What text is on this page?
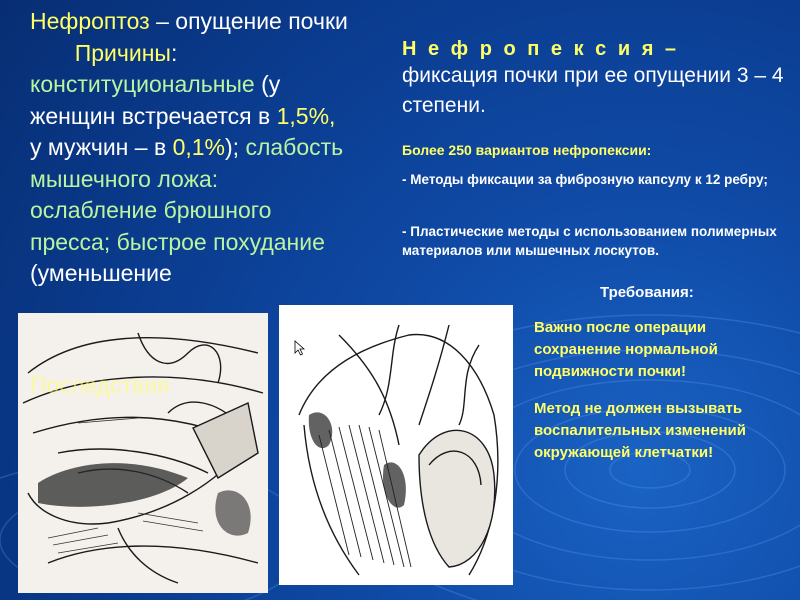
Нефроптоз – опущение почки        Причины: конституциональные (у женщин встречается в 1,5%, у мужчин – в 0,1%); слабость мышечного ложа: ослабление брюшного пресса; быстрое похудание (уменьшение
Н е ф р о п е к с и я –
фиксация почки при ее опущении 3 – 4 степени.
Более 250 вариантов нефропексии:
- Методы фиксации за фиброзную капсулу к 12 ребру;
- Пластические методы с использованием полимерных материалов или мышечных лоскутов.
Требования:
Важно после операции сохранение нормальной подвижности почки!
Метод не должен вызывать воспалительных изменений окружающей клетчатки!
Последствия
